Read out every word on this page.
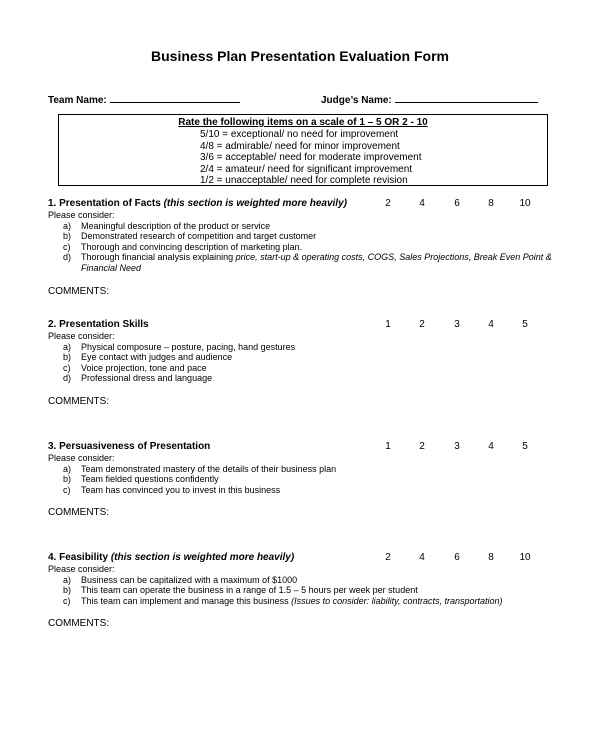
Business Plan Presentation Evaluation Form
Team Name:	Judge’s Name:
Rate the following items on a scale of 1 – 5 OR 2 - 10
5/10 = exceptional/ no need for improvement
4/8 = admirable/ need for minor improvement
3/6 = acceptable/ need for moderate improvement
2/4 = amateur/ need for significant improvement
1/2 = unacceptable/ need for complete revision
1. Presentation of Facts (this section is weighted more heavily)	2	4	6	8	10
Please consider:
a) Meaningful description of the product or service
b) Demonstrated research of competition and target customer
c) Thorough and convincing description of marketing plan.
d) Thorough financial analysis explaining price, start-up & operating costs, COGS, Sales Projections, Break Even Point & Financial Need
COMMENTS:
2. Presentation Skills	1	2	3	4	5
Please consider:
a) Physical composure – posture, pacing, hand gestures
b) Eye contact with judges and audience
c) Voice projection, tone and pace
d) Professional dress and language
COMMENTS:
3. Persuasiveness of Presentation	1	2	3	4	5
Please consider:
a) Team demonstrated mastery of the details of their business plan
b) Team fielded questions confidently
c) Team has convinced you to invest in this business
COMMENTS:
4. Feasibility (this section is weighted more heavily)	2	4	6	8	10
Please consider:
a) Business can be capitalized with a maximum of $1000
b) This team can operate the business in a range of 1.5 – 5 hours per week per student
c) This team can implement and manage this business (Issues to consider: liability, contracts, transportation)
COMMENTS:
